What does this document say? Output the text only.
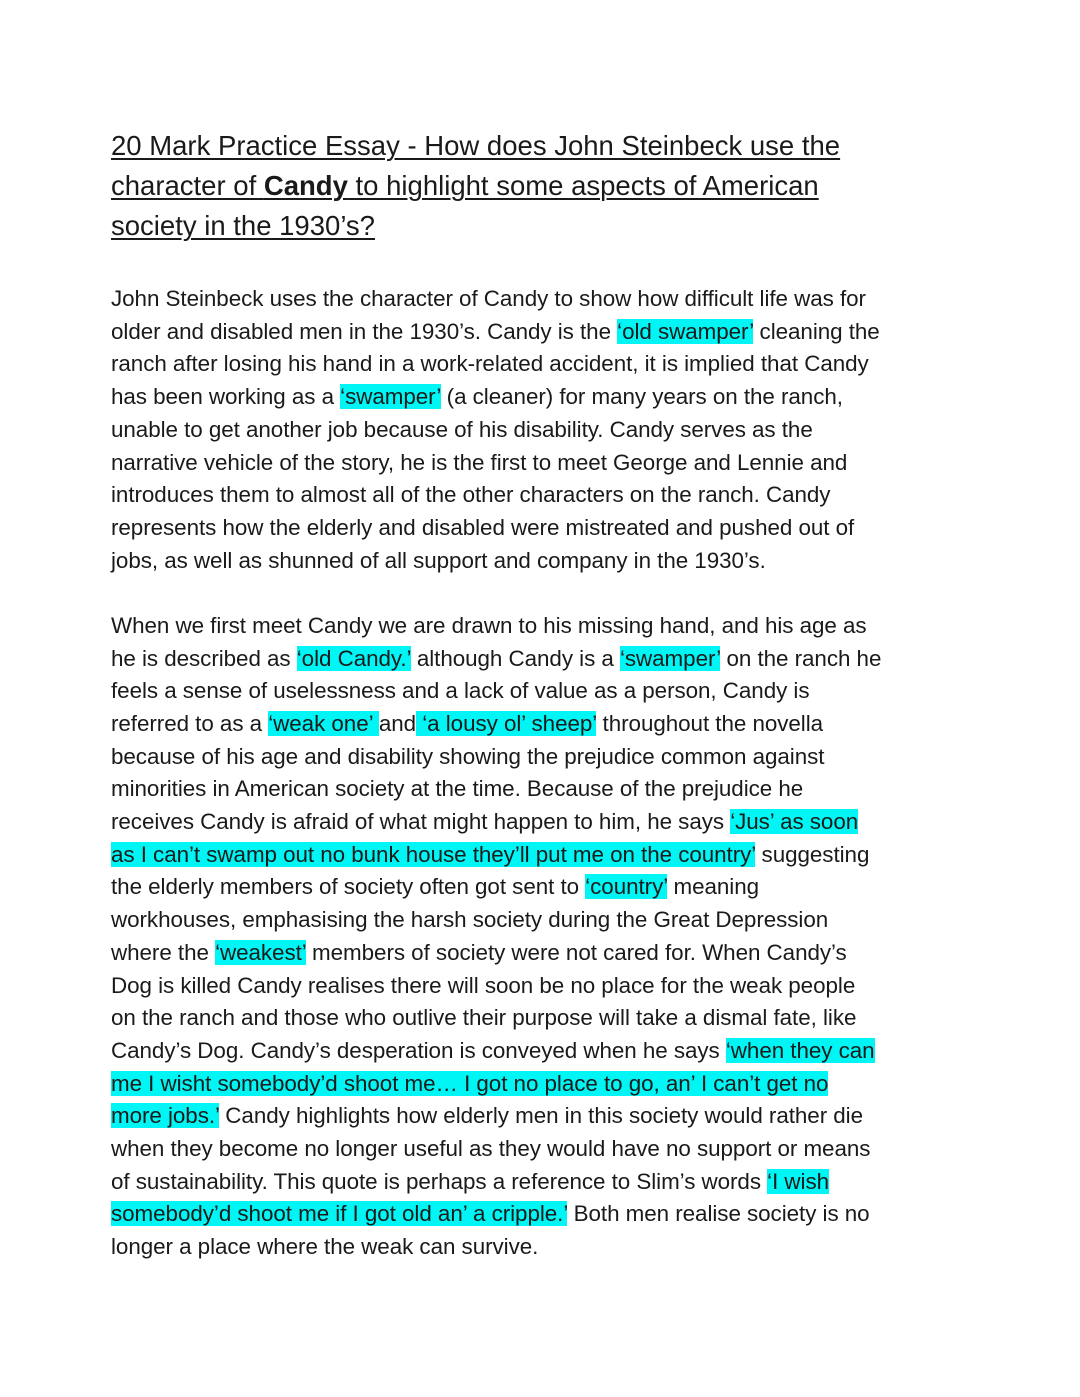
20 Mark Practice Essay - How does John Steinbeck use the
character of Candy to highlight some aspects of American
society in the 1930’s?

John Steinbeck uses the character of Candy to show how difficult life was for
older and disabled men in the 1930’s. Candy is the ‘old swamper’ cleaning the
ranch after losing his hand in a work-related accident, it is implied that Candy
has been working as a ‘swamper’ (a cleaner) for many years on the ranch,
unable to get another job because of his disability. Candy serves as the
narrative vehicle of the story, he is the first to meet George and Lennie and
introduces them to almost all of the other characters on the ranch. Candy
represents how the elderly and disabled were mistreated and pushed out of
jobs, as well as shunned of all support and company in the 1930’s.

When we first meet Candy we are drawn to his missing hand, and his age as
he is described as ‘old Candy.’ although Candy is a ‘swamper’ on the ranch he
feels a sense of uselessness and a lack of value as a person, Candy is
referred to as a ‘weak one’ and ‘a lousy ol’ sheep’ throughout the novella
because of his age and disability showing the prejudice common against
minorities in American society at the time. Because of the prejudice he
receives Candy is afraid of what might happen to him, he says ‘Jus’ as soon
as I can’t swamp out no bunk house they’ll put me on the country’ suggesting
the elderly members of society often got sent to ‘country’ meaning
workhouses, emphasising the harsh society during the Great Depression
where the ‘weakest’ members of society were not cared for. When Candy’s
Dog is killed Candy realises there will soon be no place for the weak people
on the ranch and those who outlive their purpose will take a dismal fate, like
Candy’s Dog. Candy’s desperation is conveyed when he says ‘when they can
me I wisht somebody’d shoot me… I got no place to go, an’ I can’t get no
more jobs.’ Candy highlights how elderly men in this society would rather die
when they become no longer useful as they would have no support or means
of sustainability. This quote is perhaps a reference to Slim’s words ‘I wish
somebody’d shoot me if I got old an’ a cripple.’ Both men realise society is no
longer a place where the weak can survive.
